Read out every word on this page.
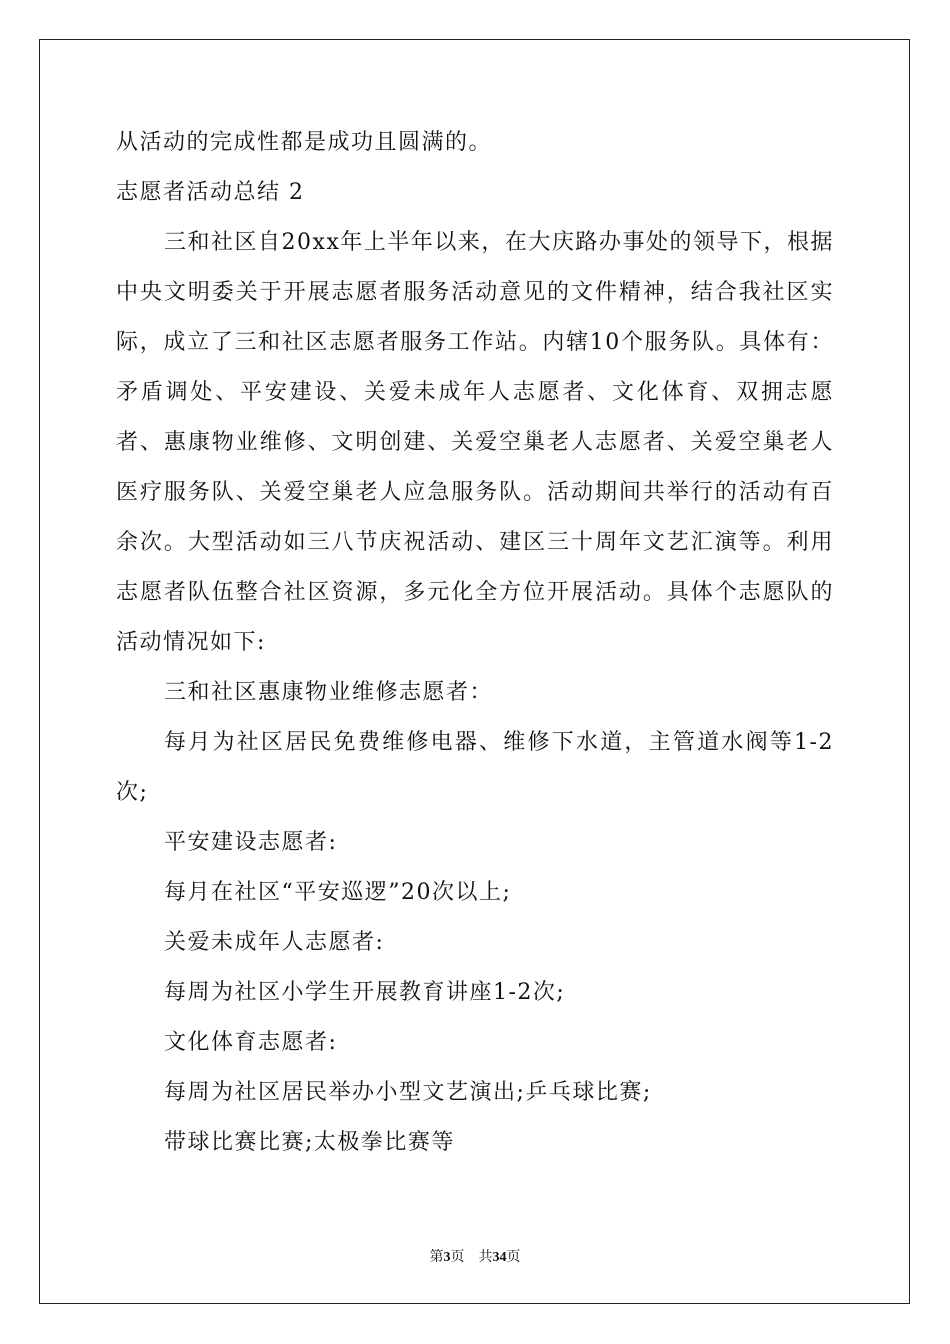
从活动的完成性都是成功且圆满的。

志愿者活动总结 2

三和社区自20xx年上半年以来，在大庆路办事处的领导下，根据中央文明委关于开展志愿者服务活动意见的文件精神，结合我社区实际，成立了三和社区志愿者服务工作站。内辖10个服务队。具体有：矛盾调处、平安建设、关爱未成年人志愿者、文化体育、双拥志愿者、惠康物业维修、文明创建、关爱空巢老人志愿者、关爱空巢老人医疗服务队、关爱空巢老人应急服务队。活动期间共举行的活动有百余次。大型活动如三八节庆祝活动、建区三十周年文艺汇演等。利用志愿者队伍整合社区资源，多元化全方位开展活动。具体个志愿队的活动情况如下:

三和社区惠康物业维修志愿者：

每月为社区居民免费维修电器、维修下水道，主管道水阀等1-2次;

平安建设志愿者:

每月在社区“平安巡逻”20次以上;

关爱未成年人志愿者:

每周为社区小学生开展教育讲座1-2次;

文化体育志愿者:

每周为社区居民举办小型文艺演出;乒乓球比赛;

带球比赛比赛;太极拳比赛等

第3页 共34页
